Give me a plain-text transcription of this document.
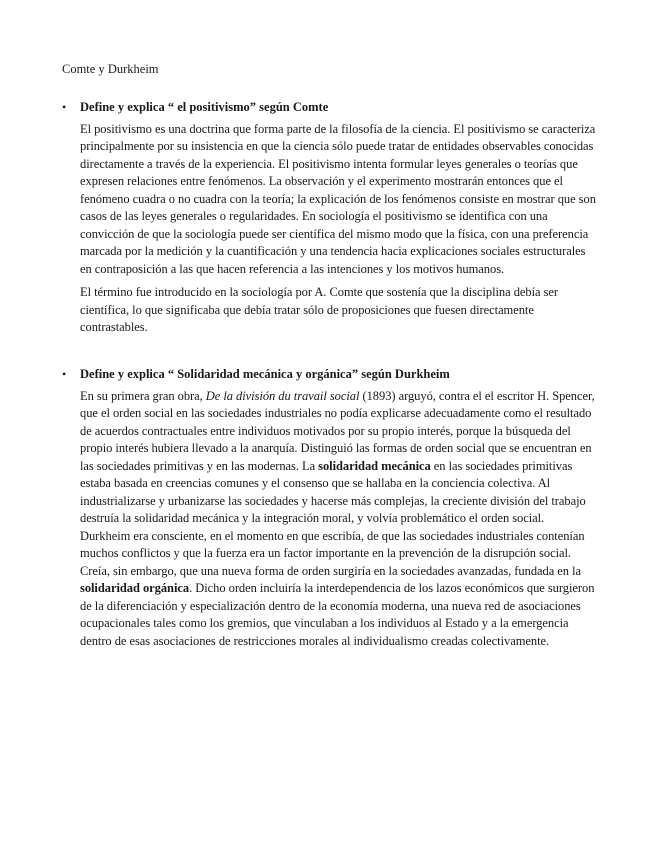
Comte y Durkheim

•	Define y explica “ el positivismo” según Comte

El positivismo es una doctrina que forma parte de la filosofía de la ciencia. El positivismo se caracteriza principalmente por su insistencia en que la ciencia sólo puede tratar de entidades observables conocidas directamente a través de la experiencia. El positivismo intenta formular leyes generales o teorías que expresen relaciones entre fenómenos. La observación y el experimento mostrarán entonces que el fenómeno cuadra o no cuadra con la teoría; la explicación de los fenómenos consiste en mostrar que son casos de las leyes generales o regularidades. En sociología el positivismo se identifica con una convicción de que la sociología puede ser científica del mismo modo que la física, con una preferencia marcada por la medición y la cuantificación y una tendencia hacia explicaciones sociales estructurales en contraposición a las que hacen referencia a las intenciones y los motivos humanos.

El término fue introducido en la sociología por A. Comte que sostenía que la disciplina debía ser científica, lo que significaba que debía tratar sólo de proposiciones que fuesen directamente contrastables.

•	Define y explica “ Solidaridad mecánica y orgánica” según Durkheim

En su primera gran obra, De la división du travail social (1893) arguyó, contra el el escritor H. Spencer, que el orden social en las sociedades industriales no podía explicarse adecuadamente como el resultado de acuerdos contractuales entre individuos motivados por su propio interés, porque la búsqueda del propio interés hubiera llevado a la anarquía. Distinguió las formas de orden social que se encuentran en las sociedades primitivas y en las modernas. La solidaridad mecánica en las sociedades primitivas estaba basada en creencias comunes y el consenso que se hallaba en la conciencia colectiva. Al industrializarse y urbanizarse las sociedades y hacerse más complejas, la creciente división del trabajo destruía la solidaridad mecánica y la integración moral, y volvía problemático el orden social. Durkheim era consciente, en el momento en que escribía, de que las sociedades industriales contenían muchos conflictos y que la fuerza era un factor importante en la prevención de la disrupción social. Creía, sin embargo, que una nueva forma de orden surgiría en la sociedades avanzadas, fundada en la solidaridad orgánica. Dicho orden incluiría la interdependencia de los lazos económicos que surgieron de la diferenciación y especialización dentro de la economía moderna, una nueva red de asociaciones ocupacionales tales como los gremios, que vinculaban a los individuos al Estado y a la emergencia dentro de esas asociaciones de restricciones morales al individualismo creadas colectivamente.
